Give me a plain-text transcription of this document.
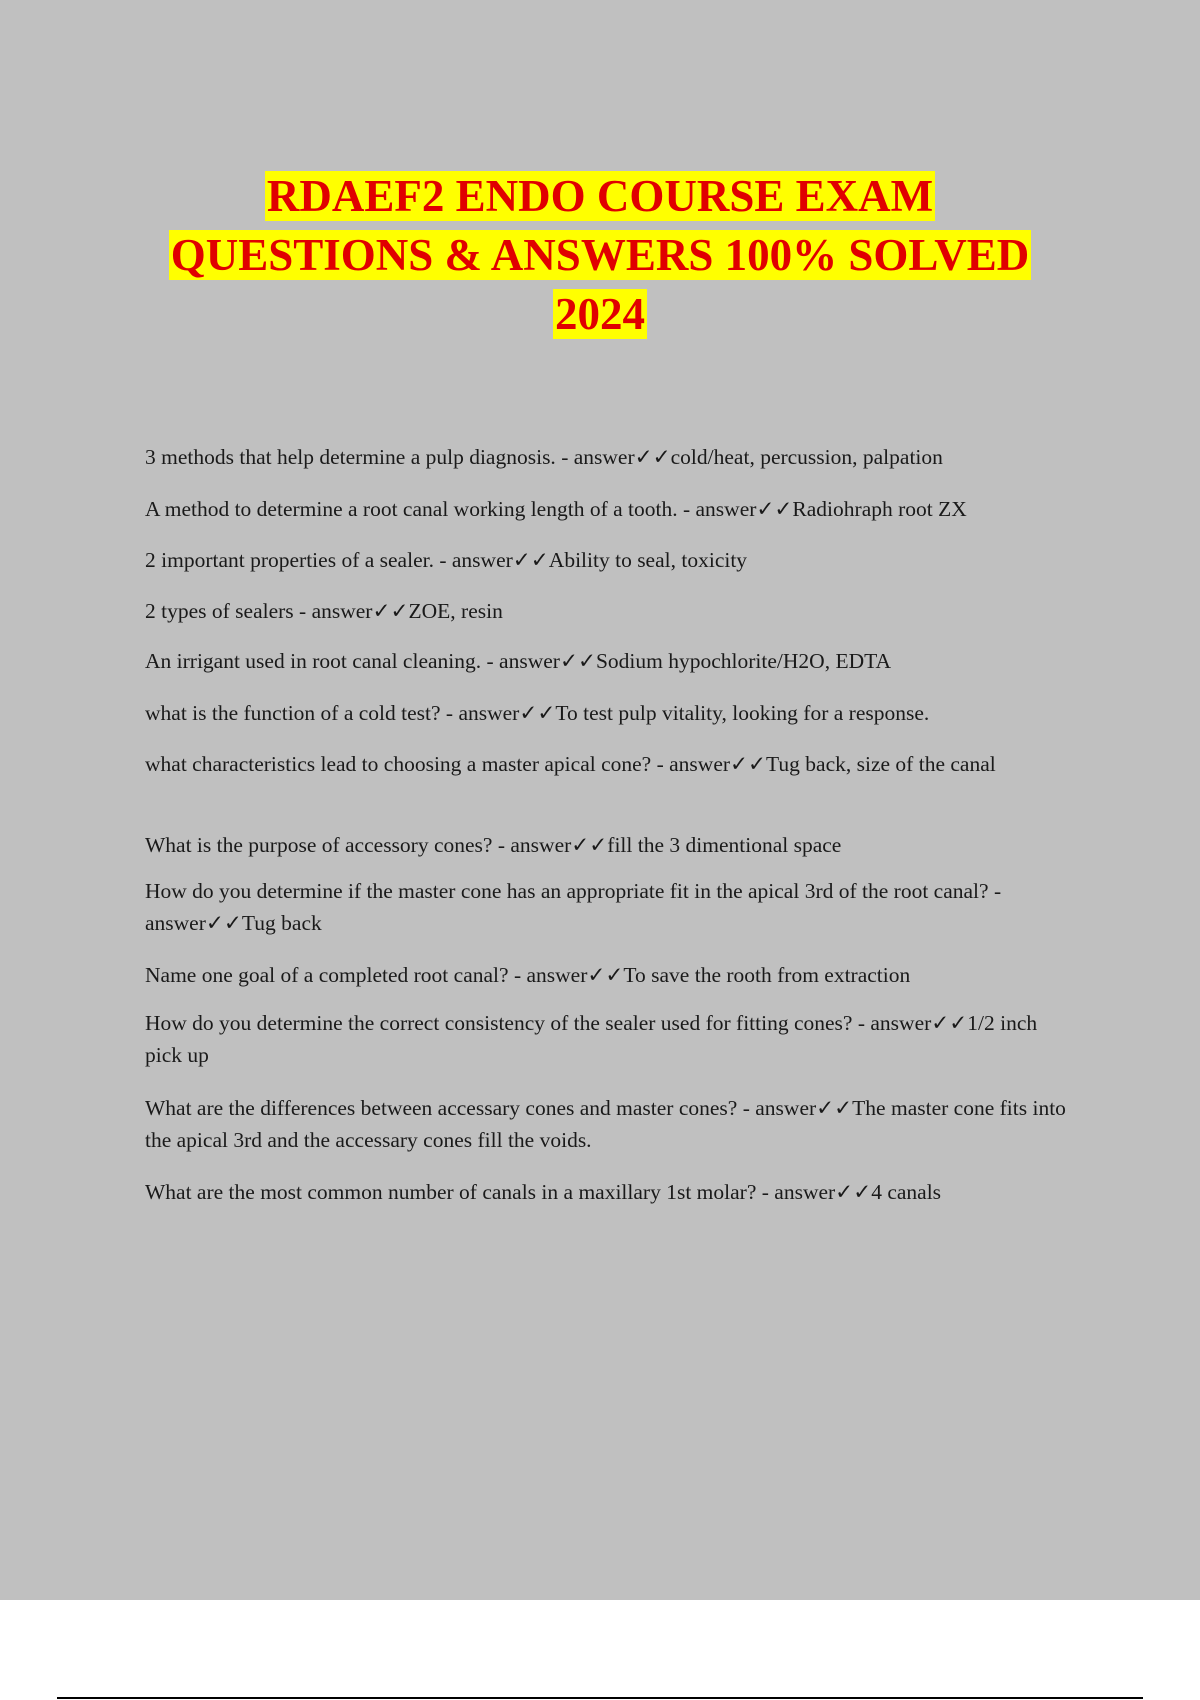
RDAEF2 ENDO COURSE EXAM
QUESTIONS & ANSWERS 100% SOLVED
2024
3 methods that help determine a pulp diagnosis. - answer✓✓cold/heat, percussion, palpation
A method to determine a root canal working length of a tooth. - answer✓✓Radiohraph root ZX
2 important properties of a sealer. - answer✓✓Ability to seal, toxicity
2 types of sealers - answer✓✓ZOE, resin
An irrigant used in root canal cleaning. - answer✓✓Sodium hypochlorite/H2O, EDTA
what is the function of a cold test? - answer✓✓To test pulp vitality, looking for a response.
what characteristics lead to choosing a master apical cone? - answer✓✓Tug back, size of the canal
What is the purpose of accessory cones? - answer✓✓fill the 3 dimentional space
How do you determine if the master cone has an appropriate fit in the apical 3rd of the root canal? - answer✓✓Tug back
Name one goal of a completed root canal? - answer✓✓To save the rooth from extraction
How do you determine the correct consistency of the sealer used for fitting cones? - answer✓✓1/2 inch pick up
What are the differences between accessary cones and master cones? - answer✓✓The master cone fits into the apical 3rd and the accessary cones fill the voids.
What are the most common number of canals in a maxillary 1st molar? - answer✓✓4 canals
